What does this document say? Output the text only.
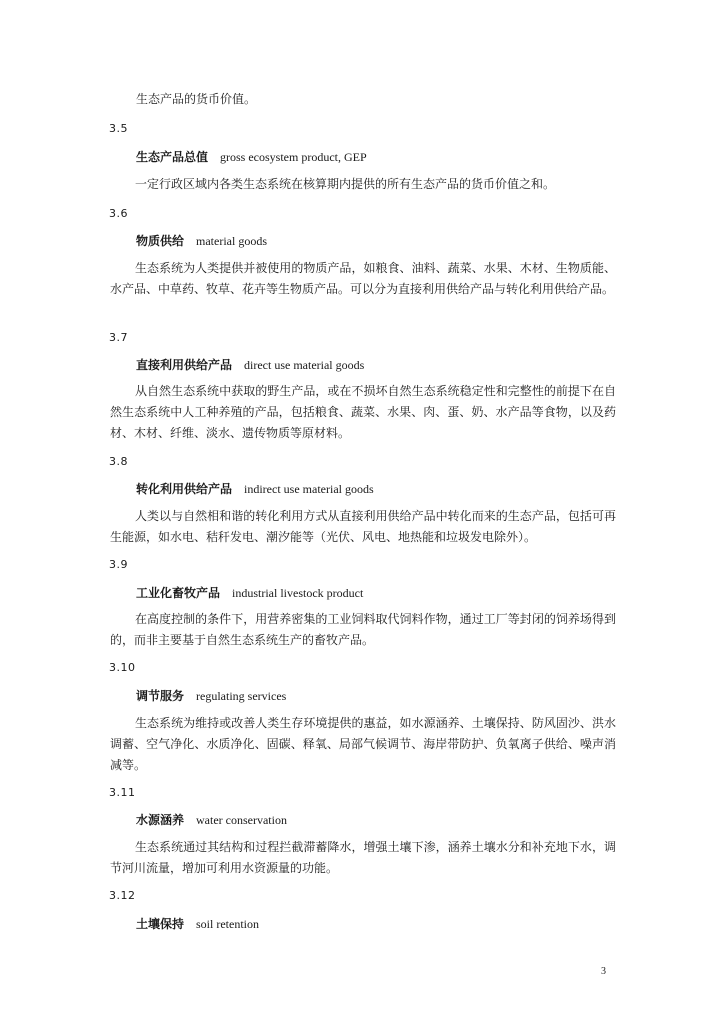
生态产品的货币价值。
3.5
生态产品总值 gross ecosystem product, GEP
一定行政区域内各类生态系统在核算期内提供的所有生态产品的货币价值之和。
3.6
物质供给 material goods
生态系统为人类提供并被使用的物质产品，如粮食、油料、蔬菜、水果、木材、生物质能、水产品、中草药、牧草、花卉等生物质产品。可以分为直接利用供给产品与转化利用供给产品。
3.7
直接利用供给产品 direct use material goods
从自然生态系统中获取的野生产品，或在不损坏自然生态系统稳定性和完整性的前提下在自然生态系统中人工种养殖的产品，包括粮食、蔬菜、水果、肉、蛋、奶、水产品等食物，以及药材、木材、纤维、淡水、遗传物质等原材料。
3.8
转化利用供给产品 indirect use material goods
人类以与自然相和谐的转化利用方式从直接利用供给产品中转化而来的生态产品，包括可再生能源，如水电、秸秆发电、潮汐能等（光伏、风电、地热能和垃圾发电除外）。
3.9
工业化畜牧产品 industrial livestock product
在高度控制的条件下，用营养密集的工业饲料取代饲料作物，通过工厂等封闭的饲养场得到的，而非主要基于自然生态系统生产的畜牧产品。
3.10
调节服务 regulating services
生态系统为维持或改善人类生存环境提供的惠益，如水源涵养、土壤保持、防风固沙、洪水调蓄、空气净化、水质净化、固碳、释氧、局部气候调节、海岸带防护、负氧离子供给、噪声消减等。
3.11
水源涵养 water conservation
生态系统通过其结构和过程拦截滞蓄降水，增强土壤下渗，涵养土壤水分和补充地下水，调节河川流量，增加可利用水资源量的功能。
3.12
土壤保持 soil retention
3
